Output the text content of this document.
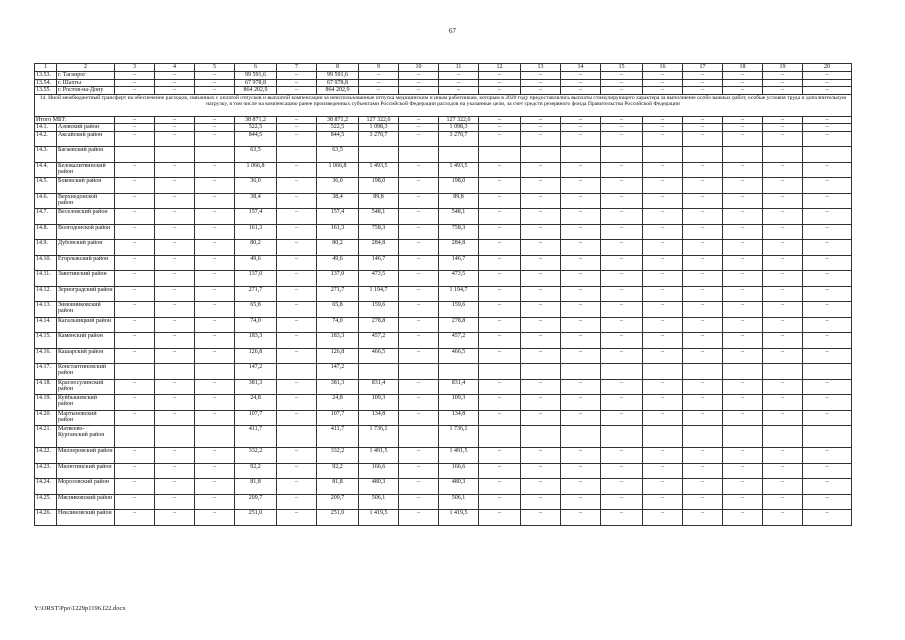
67
1	2	3	4	5	6	7	8	9	10	11	12	13	14	15	16	17	18	19	20
13.53.	г. Таганрог	–	–	–	99 591,6	–	99 591,6	–	–	–	–	–	–	–	–	–	–	–	–
13.54.	г. Шахты	–	–	–	67 978,8	–	67 978,8	–	–	–	–	–	–	–	–	–	–	–	–
13.55.	г. Ростов-на-Дону	–	–	–	864 202,9	–	864 202,9	–	–	–	–	–	–	–	–	–	–	–	–
14. Иной межбюджетный трансферт на обеспечение расходов, связанных с оплатой отпусков и выплатой компенсации за неиспользованные отпуска медицинским и иным работникам, которым в 2020 году предоставлялись выплаты стимулирующего характера за выполнение особо важных работ, особые условия труда и дополнительную нагрузку, в том числе на компенсацию ранее произведенных субъектами Российской Федерации расходов на указанные цели, за счет средств резервного фонда Правительства Российской Федерации																			
Итого МБТ:		–	–	–	38 871,2	–	38 871,2	127 322,0	–	127 322,0	–	–	–	–	–	–	–	–	–
14.1.	Азовский район	–	–	–	522,5	–	522,5	1 098,3	–	1 098,3	–	–	–	–	–	–	–	–	–
14.2.	Аксайский район	–	–	–	844,5	–	844,5	3 270,7	–	3 270,7	–	–	–	–	–	–	–	–	–
14.3.	Багаевский район				63,5		63,5												
14.4.	Белокалитвинский район	–	–	–	1 066,8	–	1 066,8	1 493,5	–	1 493,5	–	–	–	–	–	–	–	–	–
14.5.	Боковский район	–	–	–	36,0	–	36,0	198,0	–	198,0	–	–	–	–	–	–	–	–	–
14.6.	Верхнедонской район	–	–	–	38,4	–	38,4	89,8	–	89,8	–	–	–	–	–	–	–	–	–
14.7.	Веселовский район	–	–	–	157,4	–	157,4	548,1	–	548,1	–	–	–	–	–	–	–	–	–
14.8.	Волгодонской район	–	–	–	161,3	–	161,3	758,3	–	758,3	–	–	–	–	–	–	–	–	–
14.9.	Дубовский район	–	–	–	80,2	–	80,2	284,8	–	284,8	–	–	–	–	–	–	–	–	–
14.10.	Егорлыкский район	–	–	–	49,6	–	49,6	146,7	–	146,7	–	–	–	–	–	–	–	–	–
14.11.	Заветинский район	–	–	–	137,0	–	137,0	473,5	–	473,5	–	–	–	–	–	–	–	–	–
14.12.	Зерноградский район	–	–	–	271,7	–	271,7	1 194,7	–	1 194,7	–	–	–	–	–	–	–	–	–
14.13.	Зимовниковский район	–	–	–	65,8	–	65,8	159,6	–	159,6	–	–	–	–	–	–	–	–	–
14.14.	Кагальницкий район	–	–	–	74,0	–	74,0	278,8	–	278,8	–	–	–	–	–	–	–	–	–
14.15.	Каменский район	–	–	–	183,3	–	183,3	457,2	–	457,2	–	–	–	–	–	–	–	–	–
14.16.	Кашарский район	–	–	–	126,8	–	126,8	466,5	–	466,5	–	–	–	–	–	–	–	–	–
14.17.	Константиновский район				147,2		147,2												
14.18.	Красносулинский район	–	–	–	381,3	–	381,3	831,4	–	831,4	–	–	–	–	–	–	–	–	–
14.19.	Куйбышевский район	–	–	–	24,8	–	24,8	109,3	–	109,3	–	–	–	–	–	–	–	–	–
14.20.	Мартыновский район	–	–	–	107,7	–	107,7	134,8	–	134,8	–	–	–	–	–	–	–	–	–
14.21.	Матвеево-Курганский район				411,7		411,7	1 736,1		1 736,1									
14.22.	Миллеровский район	–	–	–	332,2	–	332,2	1 491,5	–	1 491,5	–	–	–	–	–	–	–	–	–
14.23.	Милютинский район	–	–	–	92,2	–	92,2	166,6	–	166,6	–	–	–	–	–	–	–	–	–
14.24.	Морозовский район	–	–	–	81,8	–	81,8	480,3	–	480,3	–	–	–	–	–	–	–	–	–
14.25.	Мясниковский район	–	–	–	209,7	–	209,7	506,1	–	506,1	–	–	–	–	–	–	–	–	–
14.26.	Неклиновский район	–	–	–	251,0	–	251,0	1 419,5	–	1 419,5	–	–	–	–	–	–	–	–	–
Y:\ORST\Ppo\1229p1196.f22.docx
